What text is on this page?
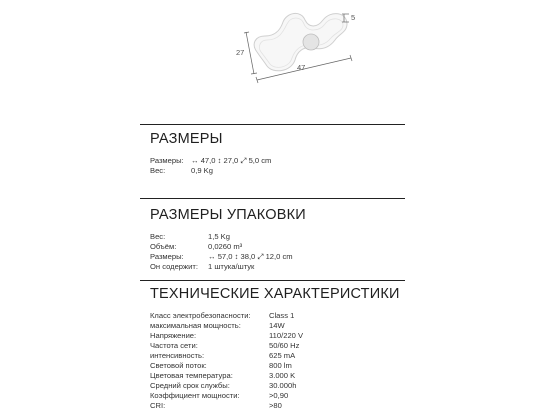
27
47
5
РАЗМЕРЫ
Размеры: ↔ 47,0 ↕ 27,0 ⤢ 5,0 cm
Вес:	0,9 Kg
РАЗМЕРЫ УПАКОВКИ
Вес:	1,5 Kg
Объём:	0,0260 m³
Размеры:	↔ 57,0 ↕ 38,0 ⤢ 12,0 cm
Он содержит: 1 штука/штук
ТЕХНИЧЕСКИЕ ХАРАКТЕРИСТИКИ
Класс электробезопасности: Class 1
максимальная мощность:	14W
Напряжение:	110/220 V
Частота сети:	50/60 Hz
интенсивность:	625 mA
Световой поток:	800 lm
Цветовая температура:	3.000 K
Средний срок службы:	30.000h
Коэффициент мощности:	>0,90
CRI:	>80
